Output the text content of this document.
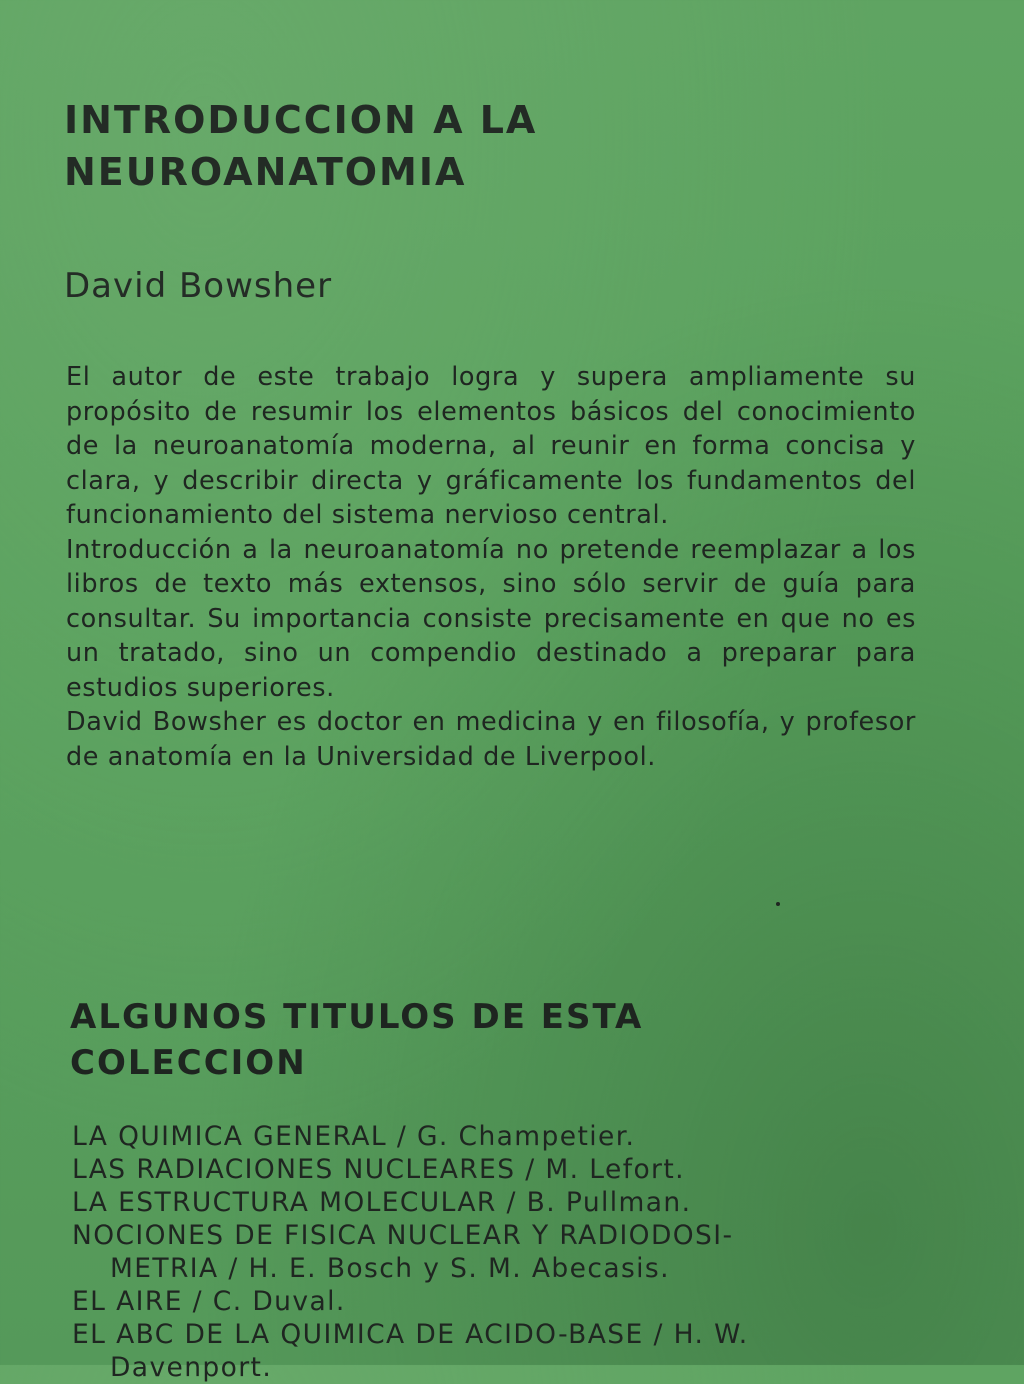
INTRODUCCION A LA
NEUROANATOMIA
David Bowsher

El autor de este trabajo logra y supera ampliamente su propósito de resumir los elementos básicos del conocimiento de la neuroanatomía moderna, al reunir en forma concisa y clara, y describir directa y gráficamente los fundamentos del funcionamiento del sistema nervioso central.

Introducción a la neuroanatomía no pretende reemplazar a los libros de texto más extensos, sino sólo servir de guía para consultar. Su importancia consiste precisamente en que no es un tratado, sino un compendio destinado a preparar para estudios superiores.

David Bowsher es doctor en medicina y en filosofía, y profesor de anatomía en la Universidad de Liverpool.

ALGUNOS TITULOS DE ESTA
COLECCION
LA QUIMICA GENERAL / G. Champetier.
LAS RADIACIONES NUCLEARES / M. Lefort.
LA ESTRUCTURA MOLECULAR / B. Pullman.
NOCIONES DE FISICA NUCLEAR Y RADIODOSI-
METRIA / H. E. Bosch y S. M. Abecasis.
EL AIRE / C. Duval.
EL ABC DE LA QUIMICA DE ACIDO-BASE / H. W.
Davenport.
